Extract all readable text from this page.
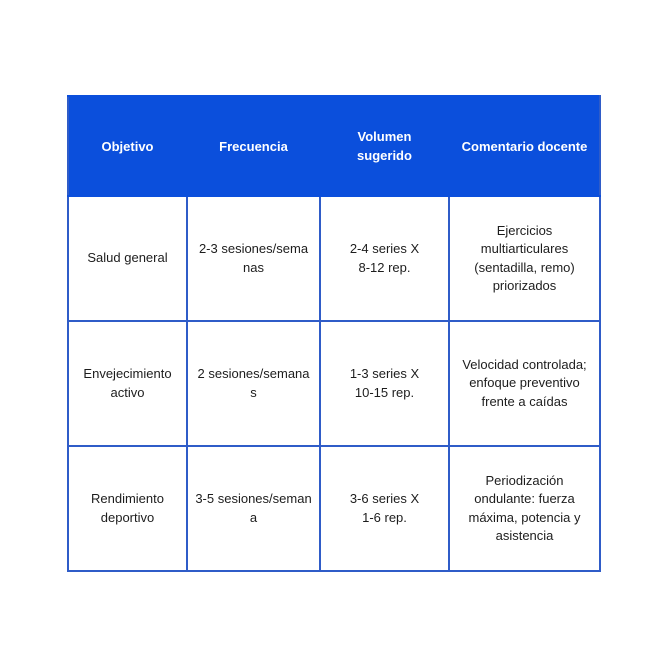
Objetivo	Frecuencia	Volumen sugerido	Comentario docente
Salud general	2-3 sesiones/semanas	2-4 series X 8-12 rep.	Ejercicios multiarticulares (sentadilla, remo) priorizados
Envejecimiento activo	2 sesiones/semanas	1-3 series X 10-15 rep.	Velocidad controlada; enfoque preventivo frente a caídas
Rendimiento deportivo	3-5 sesiones/semana	3-6 series X 1-6 rep.	Periodización ondulante: fuerza máxima, potencia y asistencia
